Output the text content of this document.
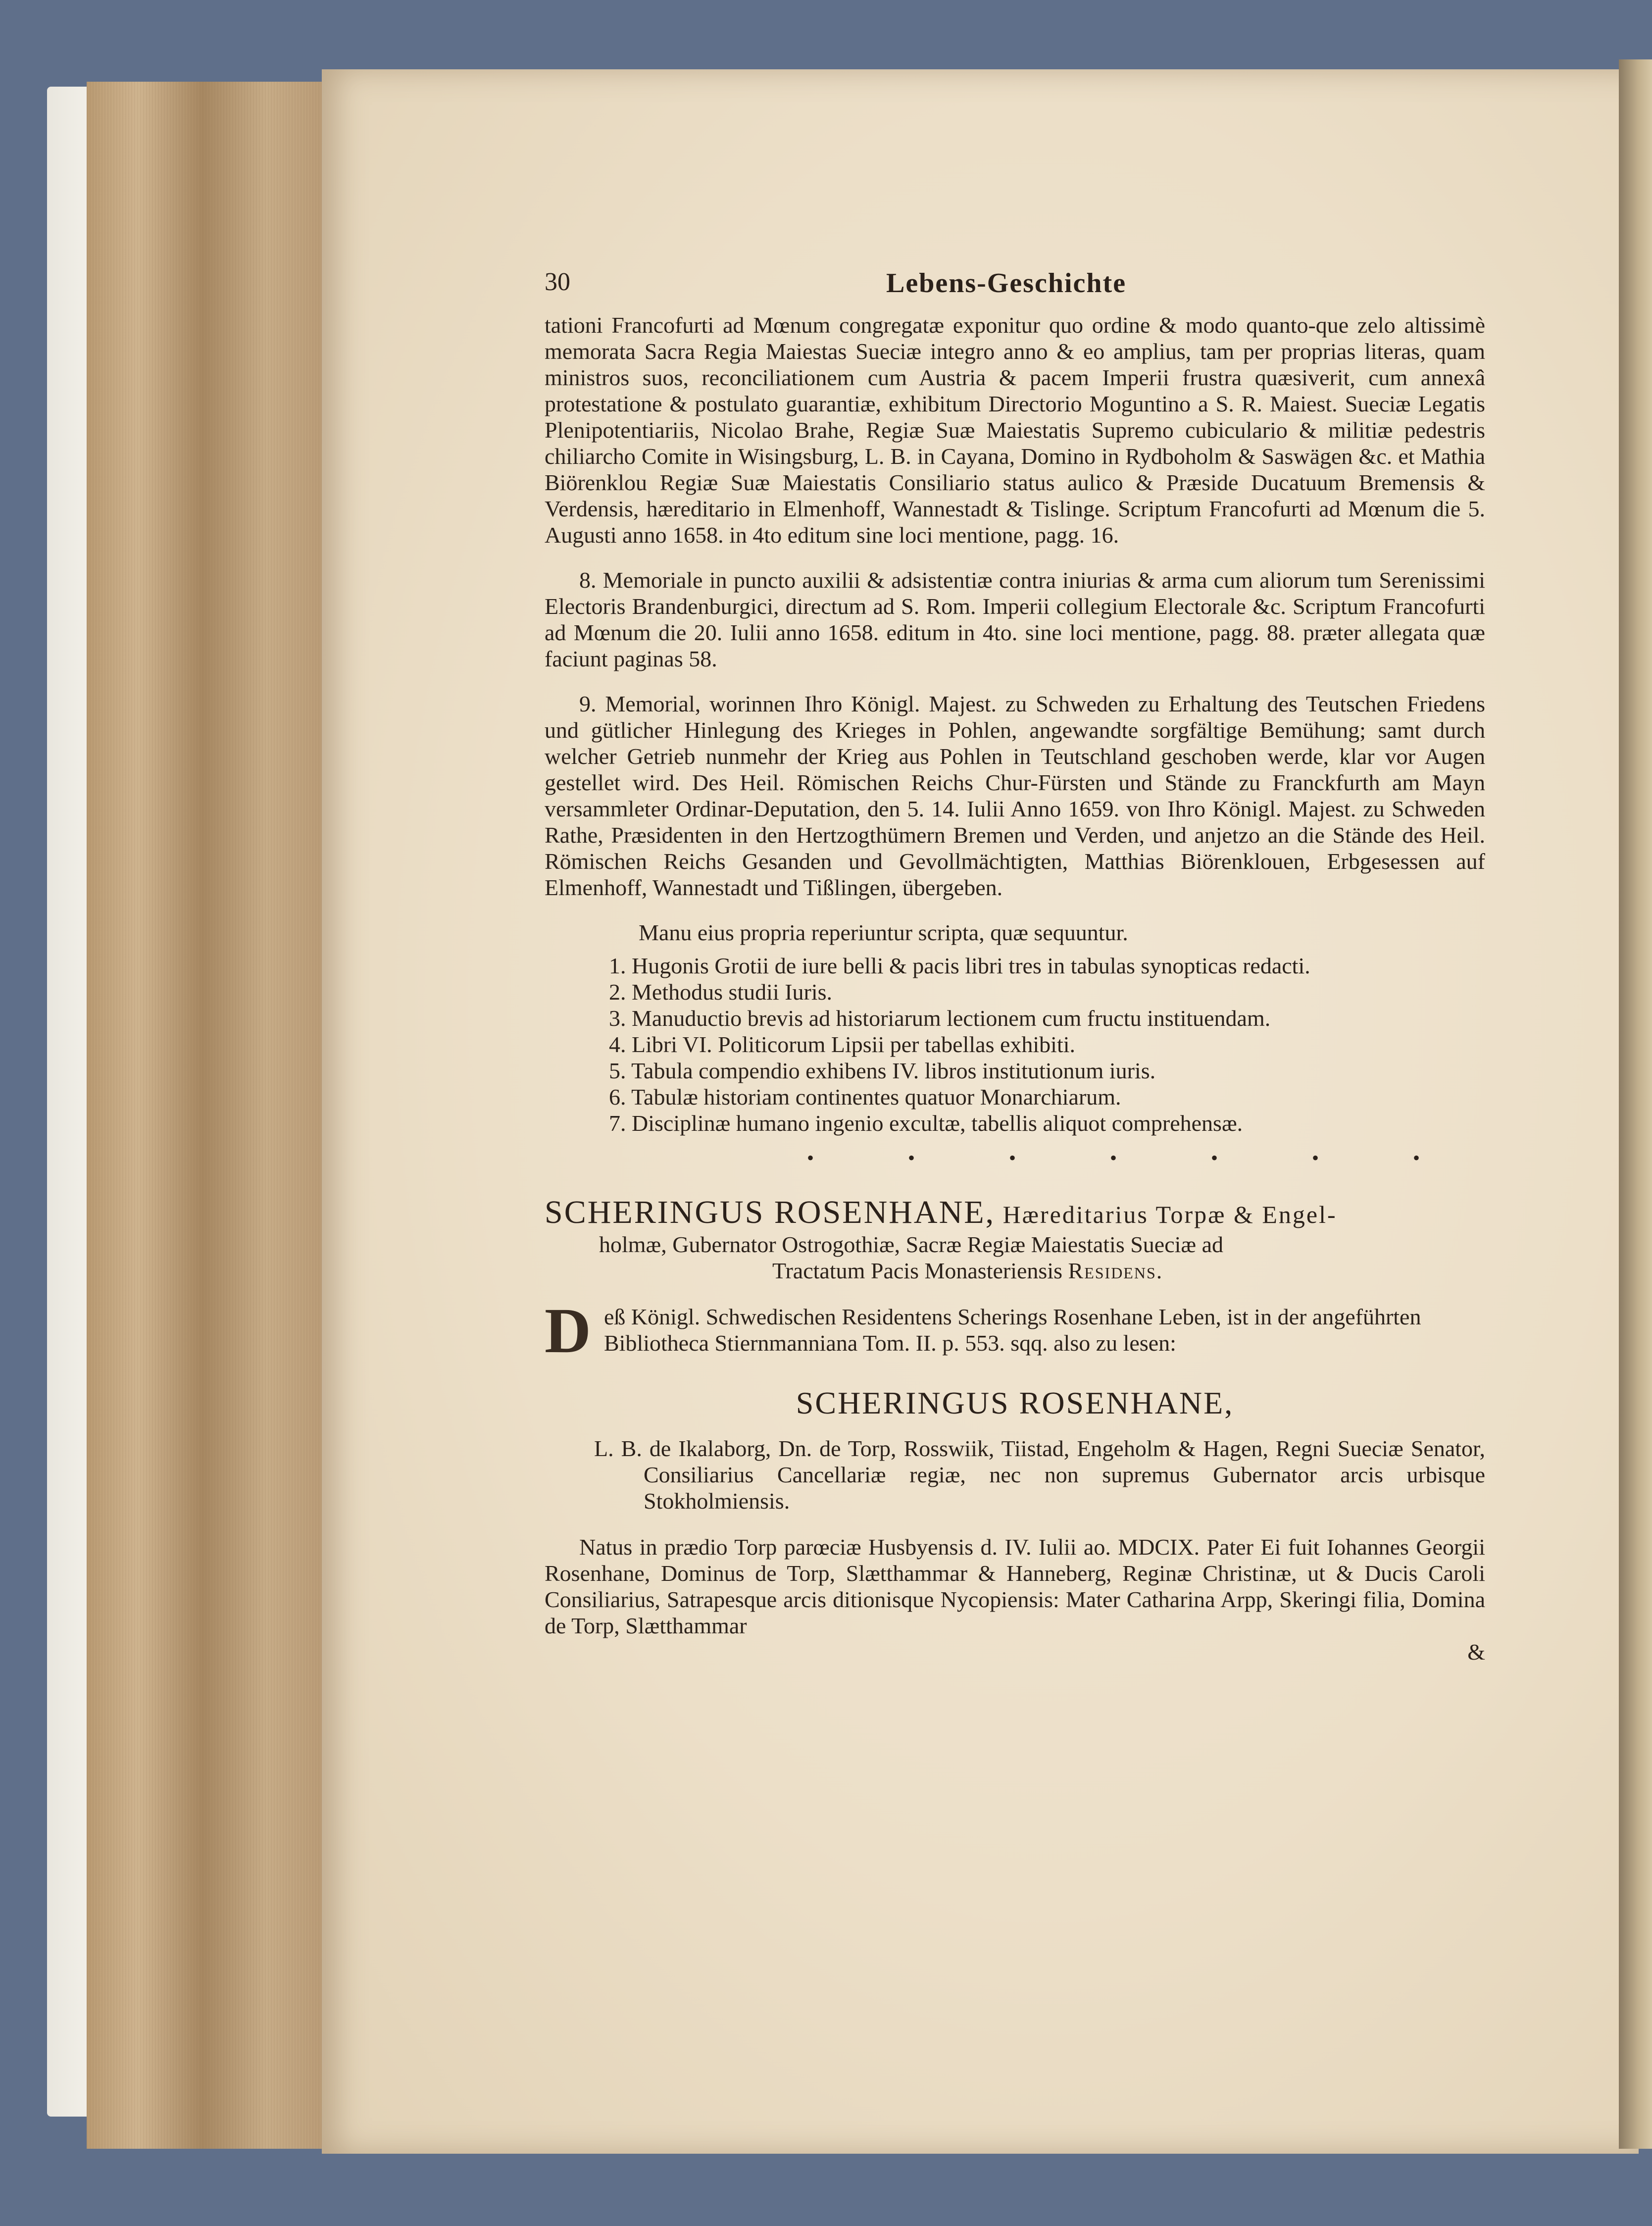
30	Lebens-Geschichte

tationi Francofurti ad Mœnum congregatæ exponitur quo ordine & modo quanto-que zelo altissimè memorata Sacra Regia Maiestas Sueciæ integro anno & eo amplius, tam per proprias literas, quam ministros suos, reconciliationem cum Austria & pacem Imperii frustra quæsiverit, cum annexâ protestatione & postulato guarantiæ, exhibitum Directorio Moguntino a S. R. Maiest. Sueciæ Legatis Plenipotentiariis, Nicolao Brahe, Regiæ Suæ Maiestatis Supremo cubiculario & militiæ pedestris chiliarcho Comite in Wisingsburg, L. B. in Cayana, Domino in Rydboholm & Saswägen &c. et Mathia Biörenklou Regiæ Suæ Maiestatis Consiliario status aulico & Præside Ducatuum Bremensis & Verdensis, hæreditario in Elmenhoff, Wannestadt & Tislinge. Scriptum Francofurti ad Mœnum die 5. Augusti anno 1658. in 4to editum sine loci mentione, pagg. 16.

8. Memoriale in puncto auxilii & adsistentiæ contra iniurias & arma cum aliorum tum Serenissimi Electoris Brandenburgici, directum ad S. Rom. Imperii collegium Electorale &c. Scriptum Francofurti ad Mœnum die 20. Iulii anno 1658. editum in 4to. sine loci mentione, pagg. 88. præter allegata quæ faciunt paginas 58.

9. Memorial, worinnen Ihro Königl. Majest. zu Schweden zu Erhaltung des Teutschen Friedens und gütlicher Hinlegung des Krieges in Pohlen, angewandte sorgfältige Bemühung; samt durch welcher Getrieb nunmehr der Krieg aus Pohlen in Teutschland geschoben werde, klar vor Augen gestellet wird. Des Heil. Römischen Reichs Chur-Fürsten und Stände zu Franckfurth am Mayn versammleter Ordinar-Deputation, den 5. 14. Iulii Anno 1659. von Ihro Königl. Majest. zu Schweden Rathe, Præsidenten in den Hertzogthümern Bremen und Verden, und anjetzo an die Stände des Heil. Römischen Reichs Gesanden und Gevollmächtigten, Matthias Biörenklouen, Erbgesessen auf Elmenhoff, Wannestadt und Tißlingen, übergeben.

Manu eius propria reperiuntur scripta, quæ sequuntur.

1. Hugonis Grotii de iure belli & pacis libri tres in tabulas synopticas redacti.
2. Methodus studii Iuris.
3. Manuductio brevis ad historiarum lectionem cum fructu instituendam.
4. Libri VI. Politicorum Lipsii per tabellas exhibiti.
5. Tabula compendio exhibens IV. libros institutionum iuris.
6. Tabulæ historiam continentes quatuor Monarchiarum.
7. Disciplinæ humano ingenio excultæ, tabellis aliquot comprehensæ.
• • • • • • •
SCHERINGUS ROSENHANE, Hæreditarius Torpæ & Engel-

holmæ, Gubernator Ostrogothiæ, Sacræ Regiæ Maiestatis Sueciæ ad

Tractatum Pacis Monasteriensis Residens.

D eß Königl. Schwedischen Residentens Scherings Rosenhane Leben, ist in der angeführten Bibliotheca Stiernmanniana Tom. II. p. 553. sqq. also zu lesen:

SCHERINGUS ROSENHANE,

L. B. de Ikalaborg, Dn. de Torp, Rosswiik, Tiistad, Engeholm & Hagen, Regni Sueciæ Senator, Consiliarius Cancellariæ regiæ, nec non supremus Gubernator arcis urbisque Stokholmiensis.

Natus in prædio Torp parœciæ Husbyensis d. IV. Iulii ao. MDCIX. Pater Ei fuit Iohannes Georgii Rosenhane, Dominus de Torp, Slætthammar & Hanneberg, Reginæ Christinæ, ut & Ducis Caroli Consiliarius, Satrapesque arcis ditionisque Nycopiensis: Mater Catharina Arpp, Skeringi filia, Domina de Torp, Slætthammar

&
